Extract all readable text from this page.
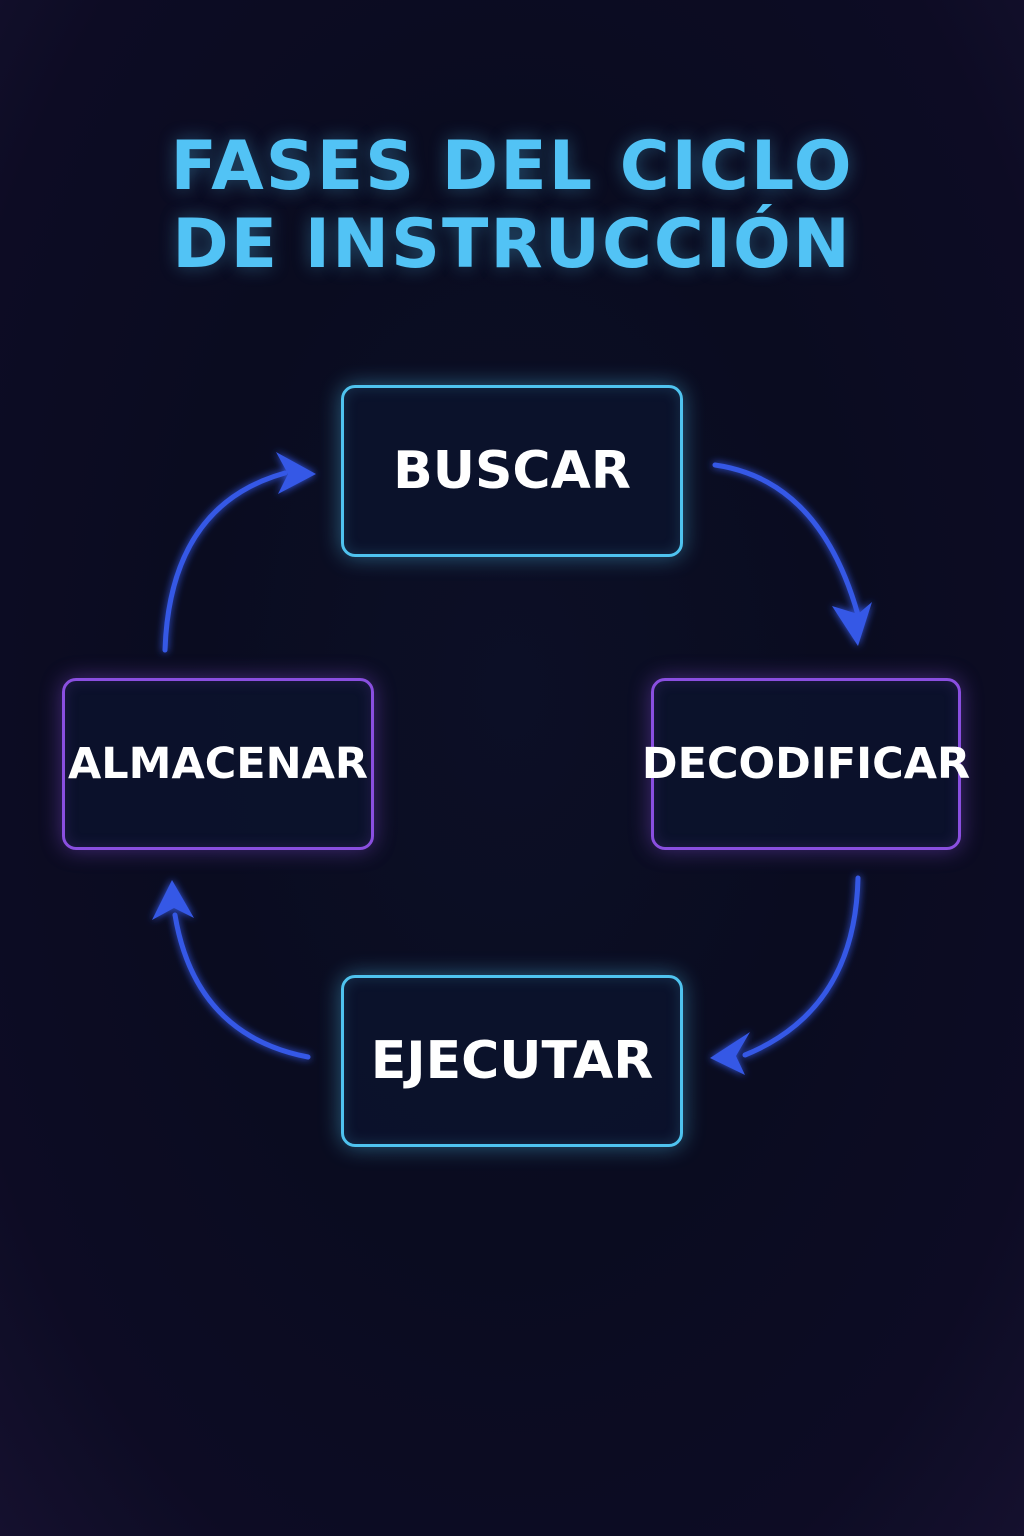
FASES DEL CICLO
DE INSTRUCCIÓN
BUSCAR
DECODIFICAR
EJECUTAR
ALMACENAR
